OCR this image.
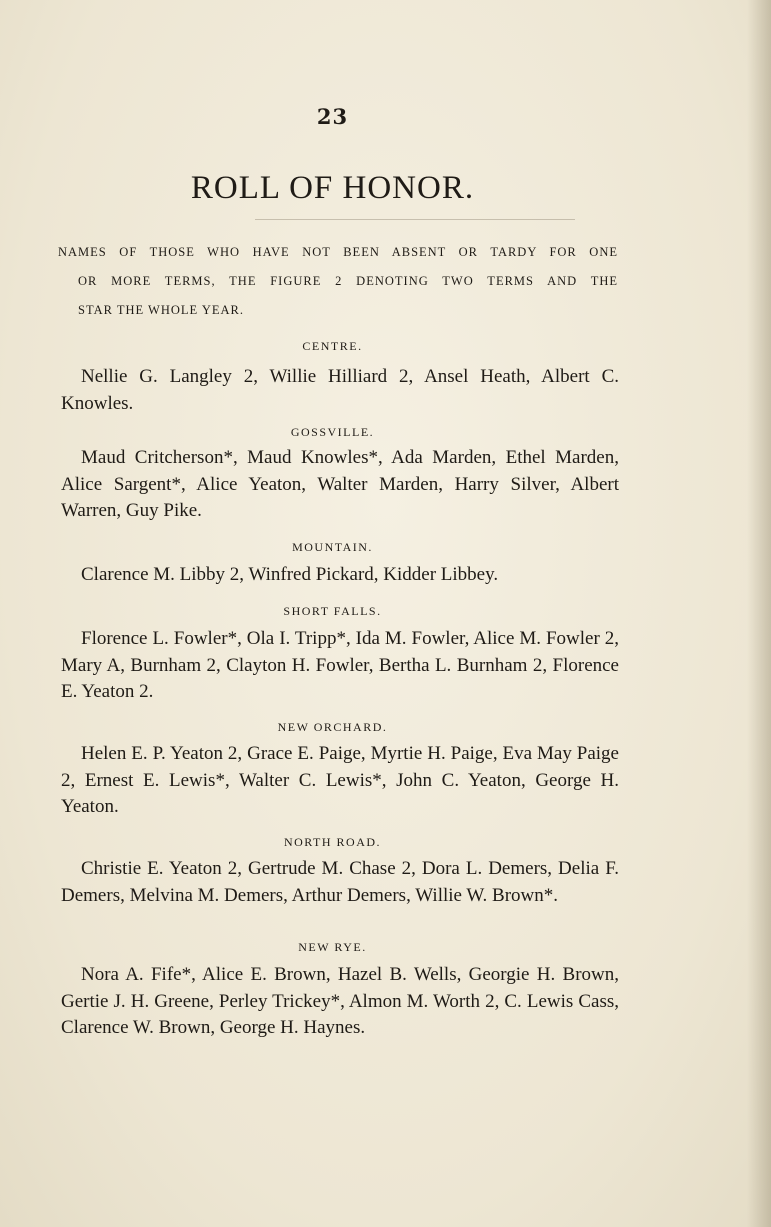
23
ROLL OF HONOR.
NAMES OF THOSE WHO HAVE NOT BEEN ABSENT OR TARDY FOR ONE
OR MORE TERMS, THE FIGURE 2 DENOTING TWO TERMS AND THE
STAR THE WHOLE YEAR.
CENTRE.

Nellie G. Langley 2, Willie Hilliard 2, Ansel Heath, Albert C. Knowles.

GOSSVILLE.

Maud Critcherson*, Maud Knowles*, Ada Marden, Ethel Marden, Alice Sargent*, Alice Yeaton, Walter Marden, Harry Silver, Albert Warren, Guy Pike.

MOUNTAIN.

Clarence M. Libby 2, Winfred Pickard, Kidder Libbey.

SHORT FALLS.

Florence L. Fowler*, Ola I. Tripp*, Ida M. Fowler, Alice M. Fowler 2, Mary A, Burnham 2, Clayton H. Fowler, Bertha L. Burnham 2, Florence E. Yeaton 2.

NEW ORCHARD.

Helen E. P. Yeaton 2, Grace E. Paige, Myrtie H. Paige, Eva May Paige 2, Ernest E. Lewis*, Walter C. Lewis*, John C. Yeaton, George H. Yeaton.

NORTH ROAD.

Christie E. Yeaton 2, Gertrude M. Chase 2, Dora L. Demers, Delia F. Demers, Melvina M. Demers, Arthur Demers, Willie W. Brown*.

NEW RYE.

Nora A. Fife*, Alice E. Brown, Hazel B. Wells, Georgie H. Brown, Gertie J. H. Greene, Perley Trickey*, Almon M. Worth 2, C. Lewis Cass, Clarence W. Brown, George H. Haynes.
